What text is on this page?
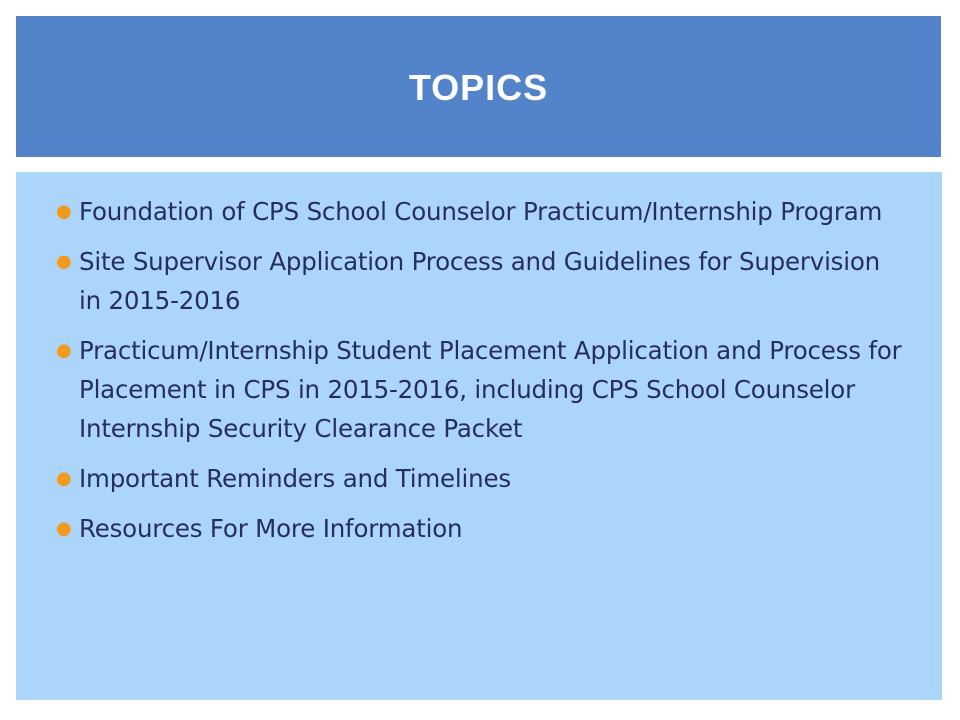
TOPICS
● Foundation of CPS School Counselor Practicum/Internship Program
● Site Supervisor Application Process and Guidelines for Supervision in 2015-2016
● Practicum/Internship Student Placement Application and Process for Placement in CPS in 2015-2016, including CPS School Counselor Internship Security Clearance Packet
● Important Reminders and Timelines
● Resources For More Information
